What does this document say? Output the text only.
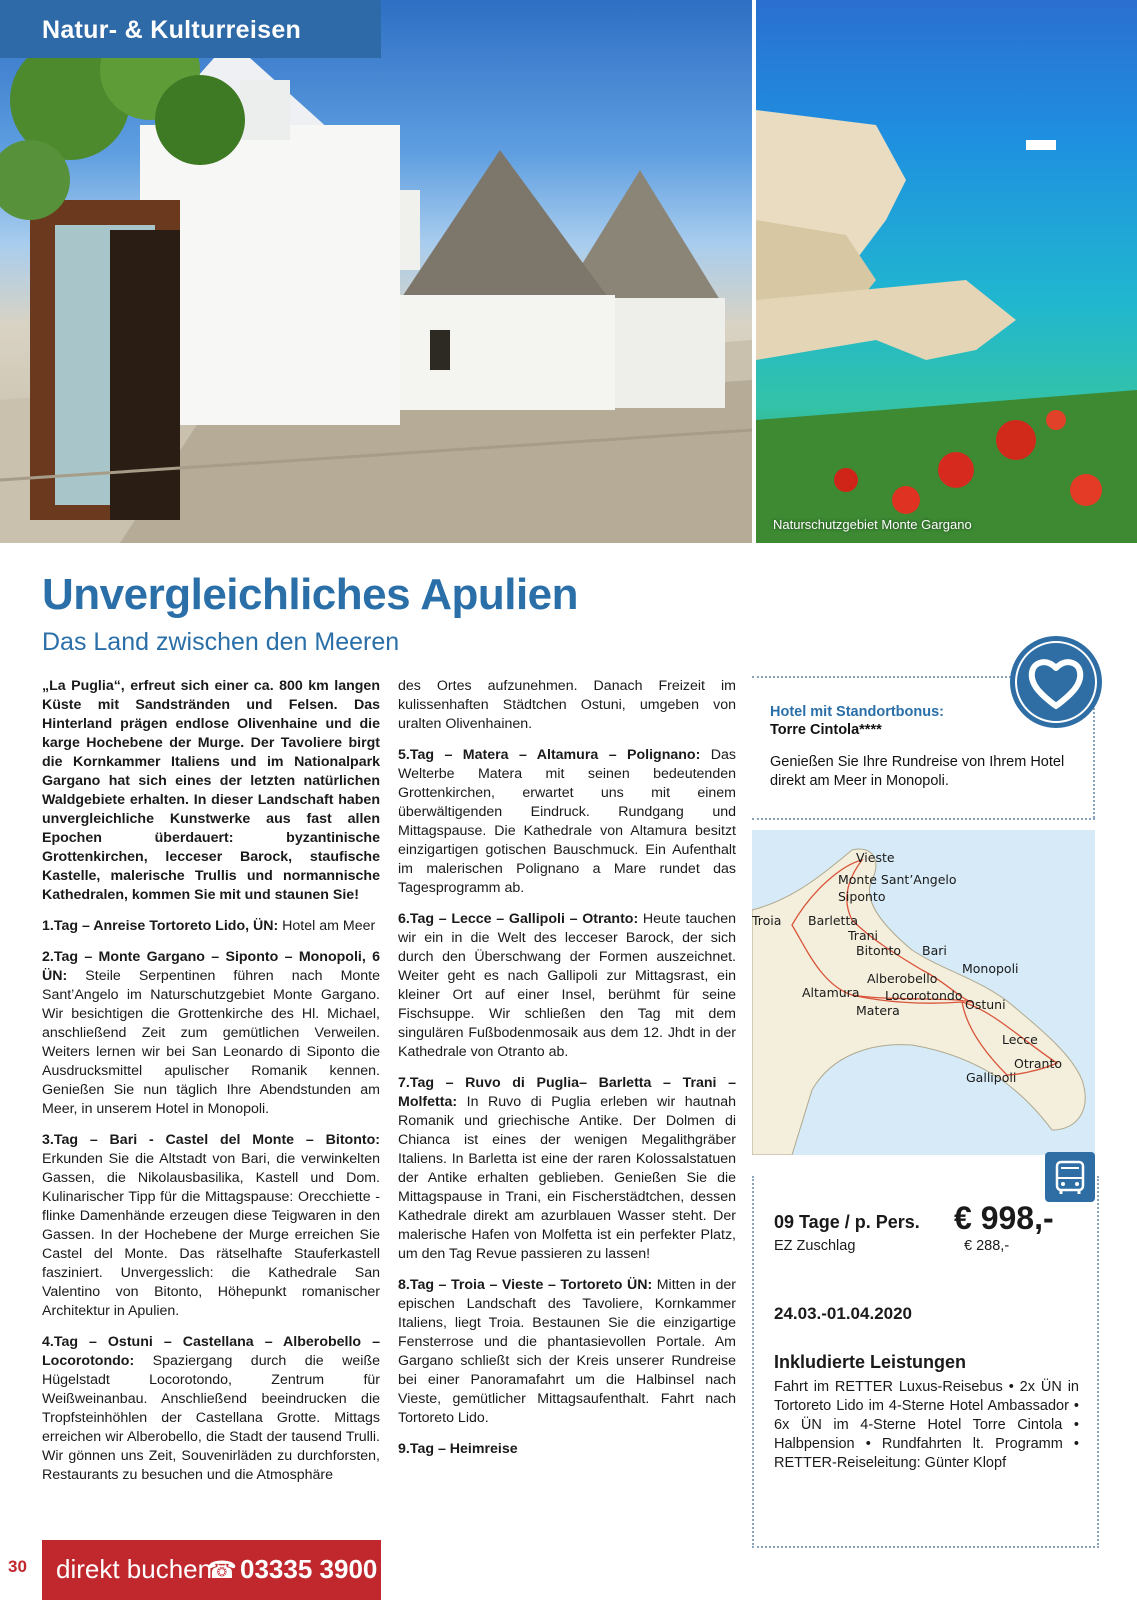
Naturschutzgebiet Monte Gargano
Natur- & Kulturreisen
Unvergleichliches Apulien
Das Land zwischen den Meeren

„La Puglia“, erfreut sich einer ca. 800 km langen Küste mit Sandstränden und Felsen. Das Hinterland prägen endlose Olivenhaine und die karge Hochebene der Murge. Der Tavoliere birgt die Kornkammer Italiens und im Nationalpark Gargano hat sich eines der letzten natürlichen Waldgebiete erhalten. In dieser Landschaft haben unvergleichliche Kunstwerke aus fast allen Epochen überdauert: byzantinische Grottenkirchen, lecceser Barock, staufische Kastelle, malerische Trullis und normannische Kathedralen, kommen Sie mit und staunen Sie!

1.Tag – Anreise Tortoreto Lido, ÜN: Hotel am Meer

2.Tag – Monte Gargano – Siponto – Monopoli, 6 ÜN: Steile Serpentinen führen nach Monte Sant’Angelo im Naturschutzgebiet Monte Gargano. Wir besichtigen die Grottenkirche des Hl. Michael, anschließend Zeit zum gemütlichen Verweilen. Weiters lernen wir bei San Leonardo di Siponto die Ausdrucksmittel apulischer Romanik kennen. Genießen Sie nun täglich Ihre Abendstunden am Meer, in unserem Hotel in Monopoli.

3.Tag – Bari - Castel del Monte – Bitonto: Erkunden Sie die Altstadt von Bari, die verwinkelten Gassen, die Nikolausbasilika, Kastell und Dom. Kulinarischer Tipp für die Mittagspause: Orecchiette - flinke Damenhände erzeugen diese Teigwaren in den Gassen. In der Hochebene der Murge erreichen Sie Castel del Monte. Das rätselhafte Stauferkastell fasziniert. Unvergesslich: die Kathedrale San Valentino von Bitonto, Höhepunkt romanischer Architektur in Apulien.

4.Tag – Ostuni – Castellana – Alberobello – Locorotondo: Spaziergang durch die weiße Hügelstadt Locorotondo, Zentrum für Weißweinanbau. Anschließend beeindrucken die Tropfsteinhöhlen der Castellana Grotte. Mittags erreichen wir Alberobello, die Stadt der tausend Trulli. Wir gönnen uns Zeit, Souvenirläden zu durchforsten, Restaurants zu besuchen und die Atmosphäre

des Ortes aufzunehmen. Danach Freizeit im kulissenhaften Städtchen Ostuni, umgeben von uralten Olivenhainen.

5.Tag – Matera – Altamura – Polignano: Das Welterbe Matera mit seinen bedeutenden Grottenkirchen, erwartet uns mit einem überwältigenden Eindruck. Rundgang und Mittagspause. Die Kathedrale von Altamura besitzt einzigartigen gotischen Bauschmuck. Ein Aufenthalt im malerischen Polignano a Mare rundet das Tagesprogramm ab.

6.Tag – Lecce – Gallipoli – Otranto: Heute tauchen wir ein in die Welt des lecceser Barock, der sich durch den Überschwang der Formen auszeichnet. Weiter geht es nach Gallipoli zur Mittagsrast, ein kleiner Ort auf einer Insel, berühmt für seine Fischsuppe. Wir schließen den Tag mit dem singulären Fußbodenmosaik aus dem 12. Jhdt in der Kathedrale von Otranto ab.

7.Tag – Ruvo di Puglia– Barletta – Trani – Molfetta: In Ruvo di Puglia erleben wir hautnah Romanik und griechische Antike. Der Dolmen di Chianca ist eines der wenigen Megalithgräber Italiens. In Barletta ist eine der raren Kolossalstatuen der Antike erhalten geblieben. Genießen Sie die Mittagspause in Trani, ein Fischerstädtchen, dessen Kathedrale direkt am azurblauen Wasser steht. Der malerische Hafen von Molfetta ist ein perfekter Platz, um den Tag Revue passieren zu lassen!

8.Tag – Troia – Vieste – Tortoreto ÜN: Mitten in der epischen Landschaft des Tavoliere, Kornkammer Italiens, liegt Troia. Bestaunen Sie die einzigartige Fensterrose und die phantasievollen Portale. Am Gargano schließt sich der Kreis unserer Rundreise bei einer Panoramafahrt um die Halbinsel nach Vieste, gemütlicher Mittagsaufenthalt. Fahrt nach Tortoreto Lido.

9.Tag – Heimreise

Hotel mit Standortbonus:
Torre Cintola****
Genießen Sie Ihre Rundreise von Ihrem Hotel direkt am Meer in Monopoli.
Vieste
Monte Sant’Angelo
Siponto
Troia Barletta
Trani
Bitonto Bari
Monopoli
Alberobello
Altamura Locorotondo
Matera	Ostuni
Lecce
Otranto
Gallipoli
09 Tage / p. Pers.
EZ Zuschlag
€ 998,-
€ 288,-
24.03.-01.04.2020
Inkludierte Leistungen
Fahrt im RETTER Luxus-Reisebus • 2x ÜN in Tortoreto Lido im 4-Sterne Hotel Ambassador • 6x ÜN im 4-Sterne Hotel Torre Cintola • Halbpension • Rundfahrten lt. Programm • RETTER-Reiseleitung: Günter Klopf
30 direkt buchen
☎ 03335 3900
